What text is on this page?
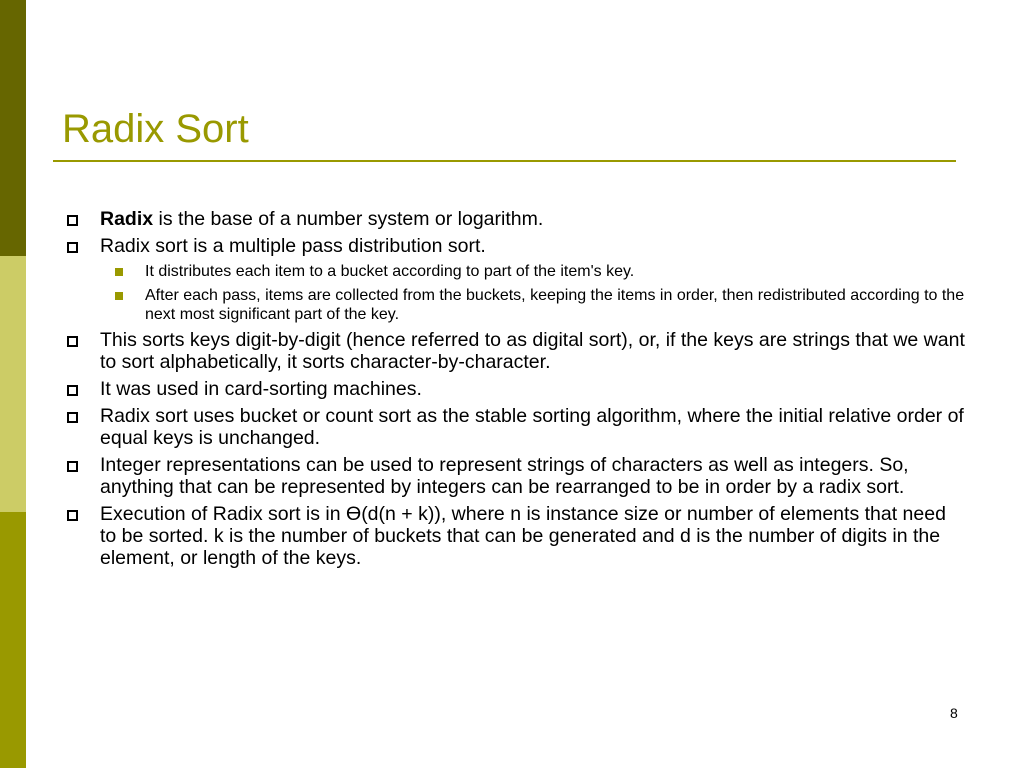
Radix Sort
Radix is the base of a number system or logarithm.
Radix sort is a multiple pass distribution sort.
It distributes each item to a bucket according to part of the item's key.
After each pass, items are collected from the buckets, keeping the items in order, then redistributed according to the next most significant part of the key.
This sorts keys digit-by-digit (hence referred to as digital sort), or, if the keys are strings that we want to sort alphabetically, it sorts character-by-character.
It was used in card-sorting machines.
Radix sort uses bucket or count sort as the stable sorting algorithm, where the initial relative order of equal keys is unchanged.
Integer representations can be used to represent strings of characters as well as integers. So, anything that can be represented by integers can be rearranged to be in order by a radix sort.
Execution of Radix sort is in ϴ(d(n + k)), where n is instance size or number of elements that need to be sorted. k is the number of buckets that can be generated and d is the number of digits in the element, or length of the keys.
8
